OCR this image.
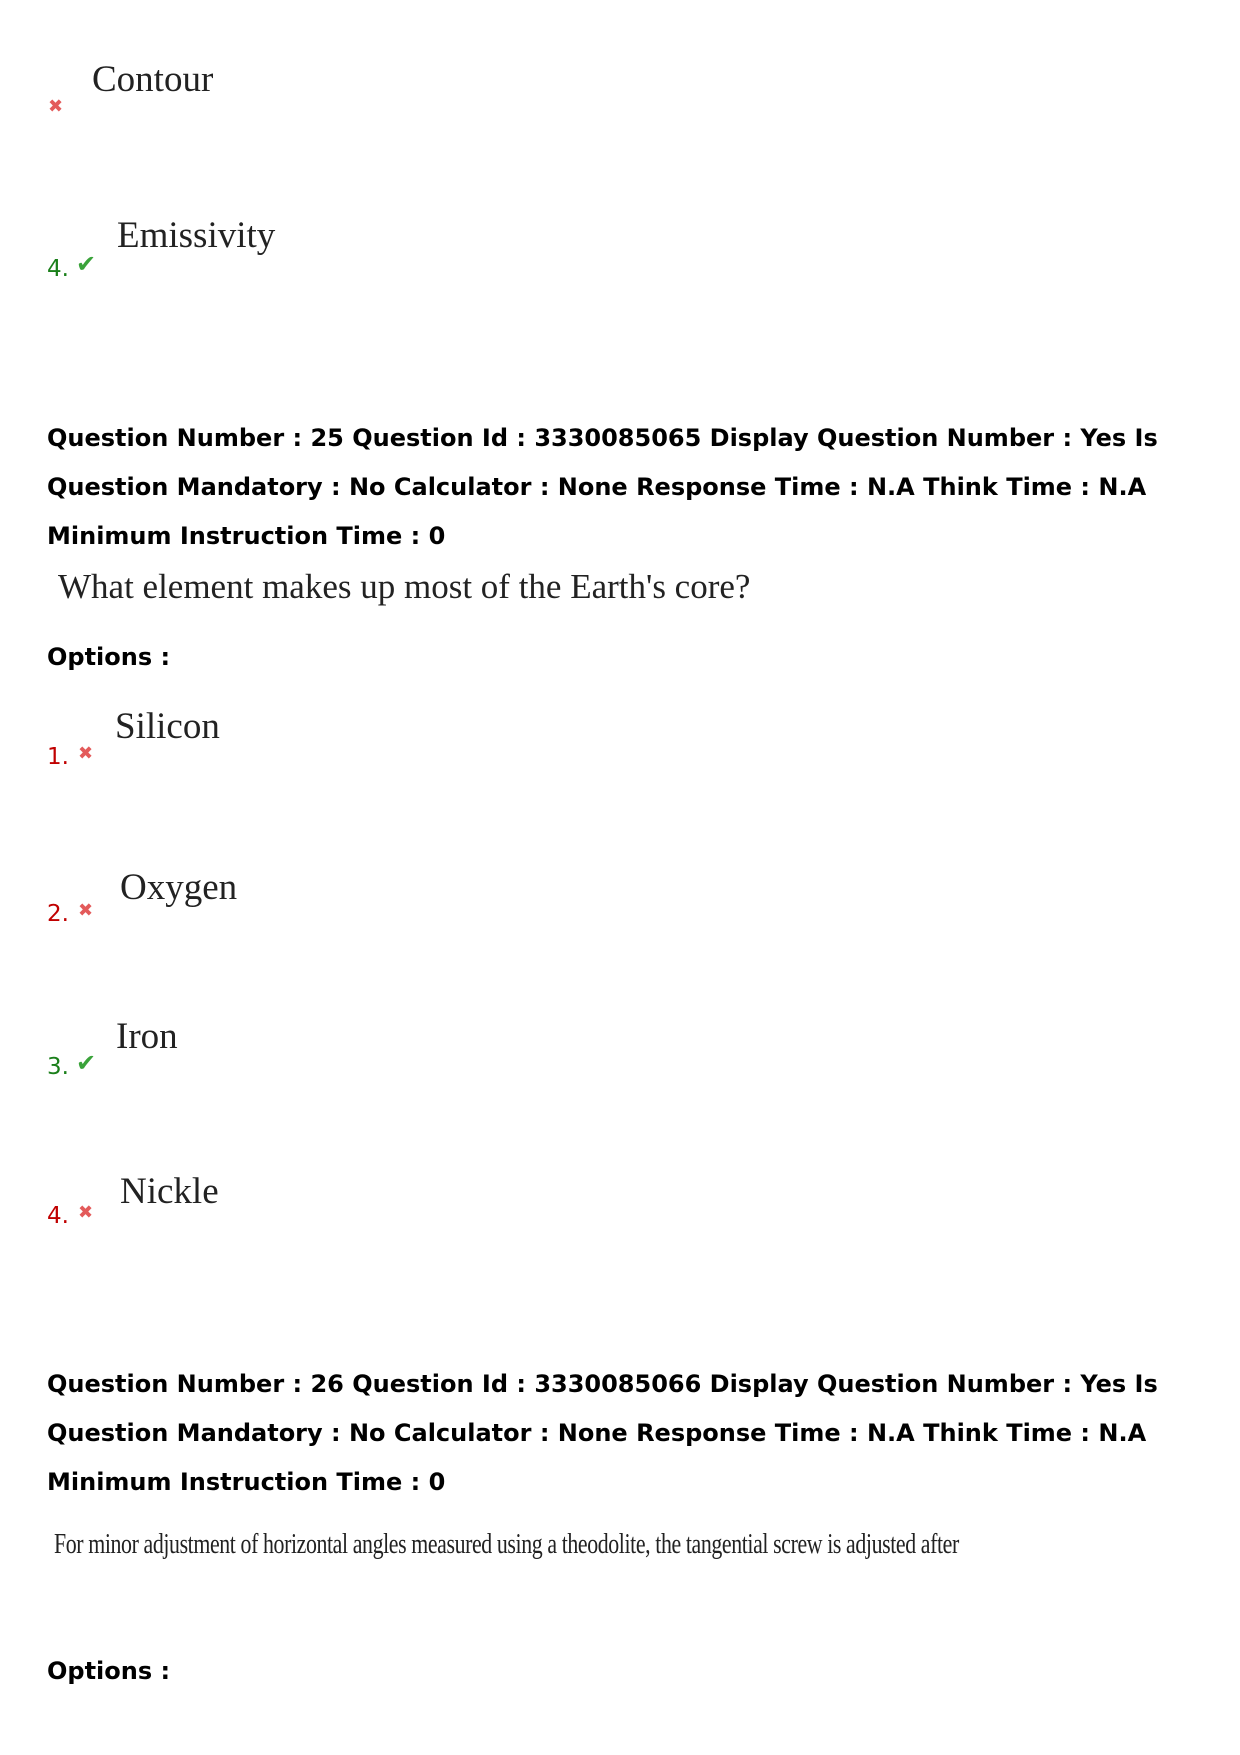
✖
Contour
4. ✔
Emissivity
Question Number : 25 Question Id : 3330085065 Display Question Number : Yes Is Question Mandatory : No Calculator : None Response Time : N.A Think Time : N.A Minimum Instruction Time : 0
What element makes up most of the Earth's core?
Options :
1. ✖
Silicon
2. ✖
Oxygen
3. ✔
Iron
4. ✖
Nickle
Question Number : 26 Question Id : 3330085066 Display Question Number : Yes Is Question Mandatory : No Calculator : None Response Time : N.A Think Time : N.A Minimum Instruction Time : 0
For minor adjustment of horizontal angles measured using a theodolite, the tangential screw is adjusted after
Options :
